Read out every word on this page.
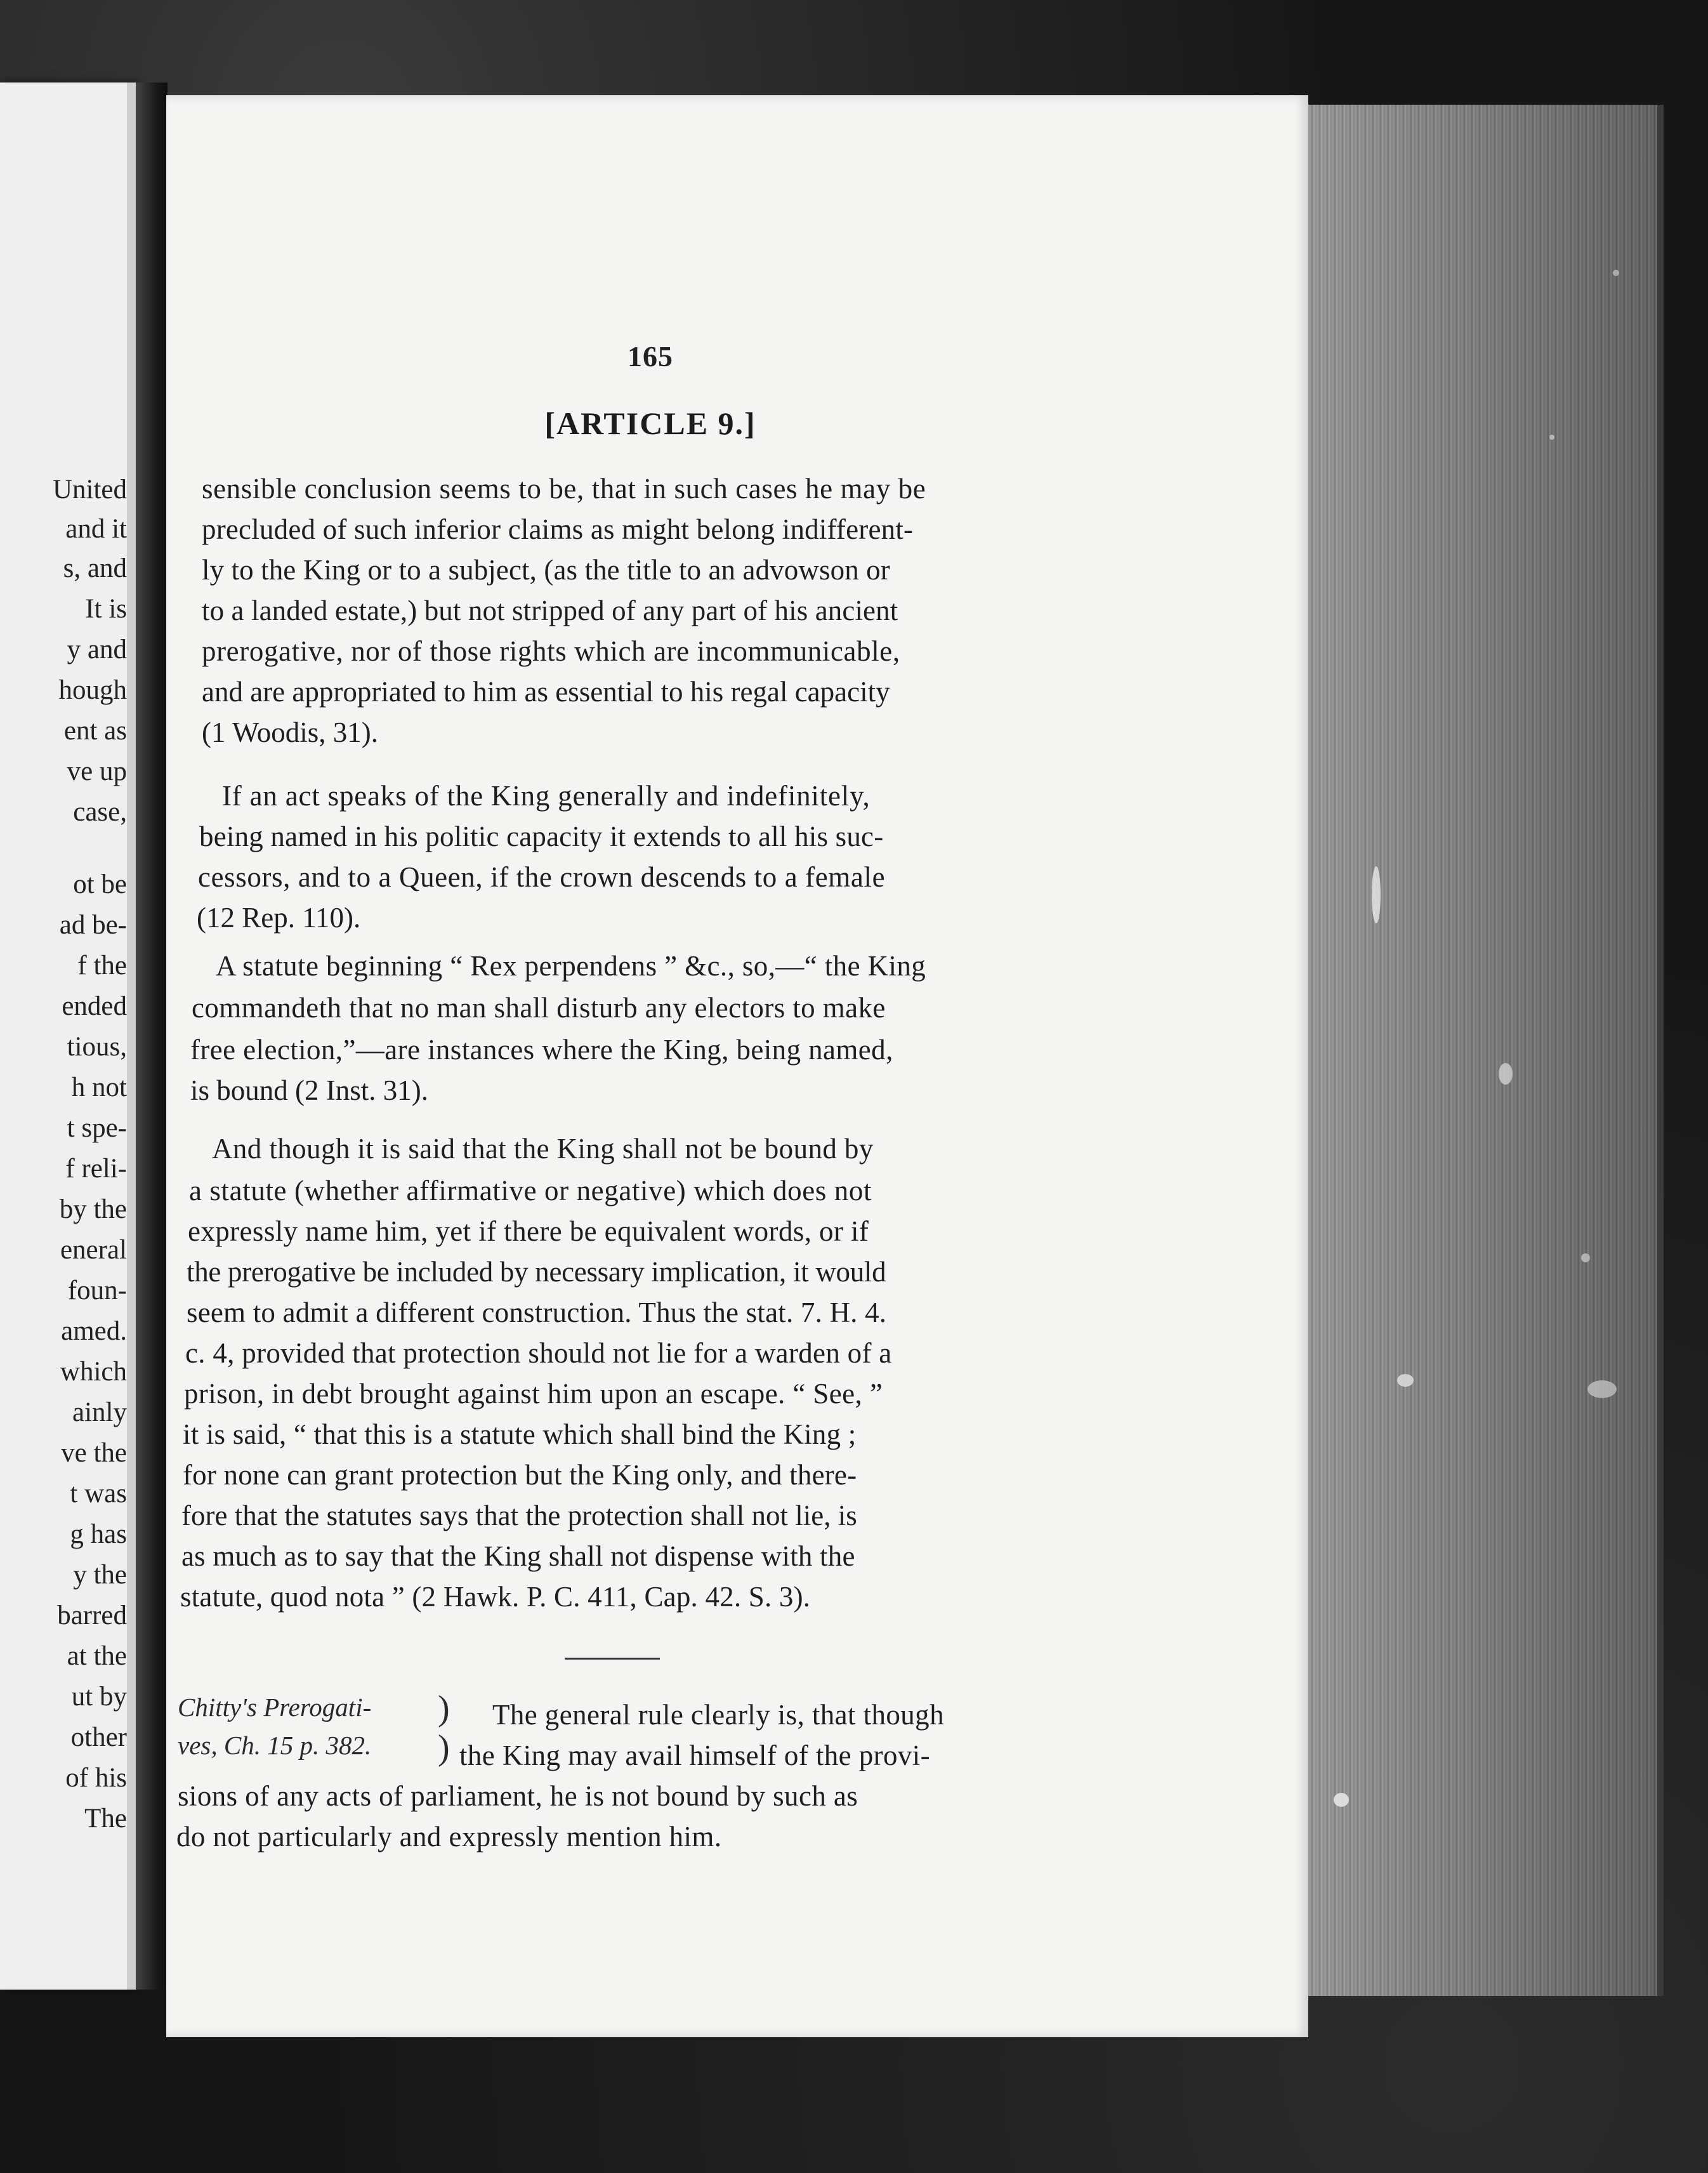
United
and it
s, and
It is
y and
hough
ent as
ve up
case,
ot be
ad be-
f the
ended
tious,
h not
t spe-
f reli-
by the
eneral
foun-
amed.
which
ainly
ve the
t was
g has
y the
barred
at the
ut by
other
of his
The
165
[ARTICLE 9.]
sensible conclusion seems to be, that in such cases he may be
precluded of such inferior claims as might belong indifferent-
ly to the King or to a subject, (as the title to an advowson or
to a landed estate,) but not stripped of any part of his ancient
prerogative, nor of those rights which are incommunicable,
and are appropriated to him as essential to his regal capacity
(1 Woodis, 31).
If an act speaks of the King generally and indefinitely,
being named in his politic capacity it extends to all his suc-
cessors, and to a Queen, if the crown descends to a female
(12 Rep. 110).
A statute beginning “ Rex perpendens ” &c., so,—“ the King
commandeth that no man shall disturb any electors to make
free election,”—are instances where the King, being named,
is bound (2 Inst. 31).
And though it is said that the King shall not be bound by
a statute (whether affirmative or negative) which does not
expressly name him, yet if there be equivalent words, or if
the prerogative be included by necessary implication, it would
seem to admit a different construction. Thus the stat. 7. H. 4.
c. 4, provided that protection should not lie for a warden of a
prison, in debt brought against him upon an escape. “ See, ”
it is said, “ that this is a statute which shall bind the King ;
for none can grant protection but the King only, and there-
fore that the statutes says that the protection shall not lie, is
as much as to say that the King shall not dispense with the
statute, quod nota ” (2 Hawk. P. C. 411, Cap. 42. S. 3).
Chitty's Prerogati-
ves, Ch. 15 p. 382.
)
)
The general rule clearly is, that though
the King may avail himself of the provi-
sions of any acts of parliament, he is not bound by such as
do not particularly and expressly mention him.
